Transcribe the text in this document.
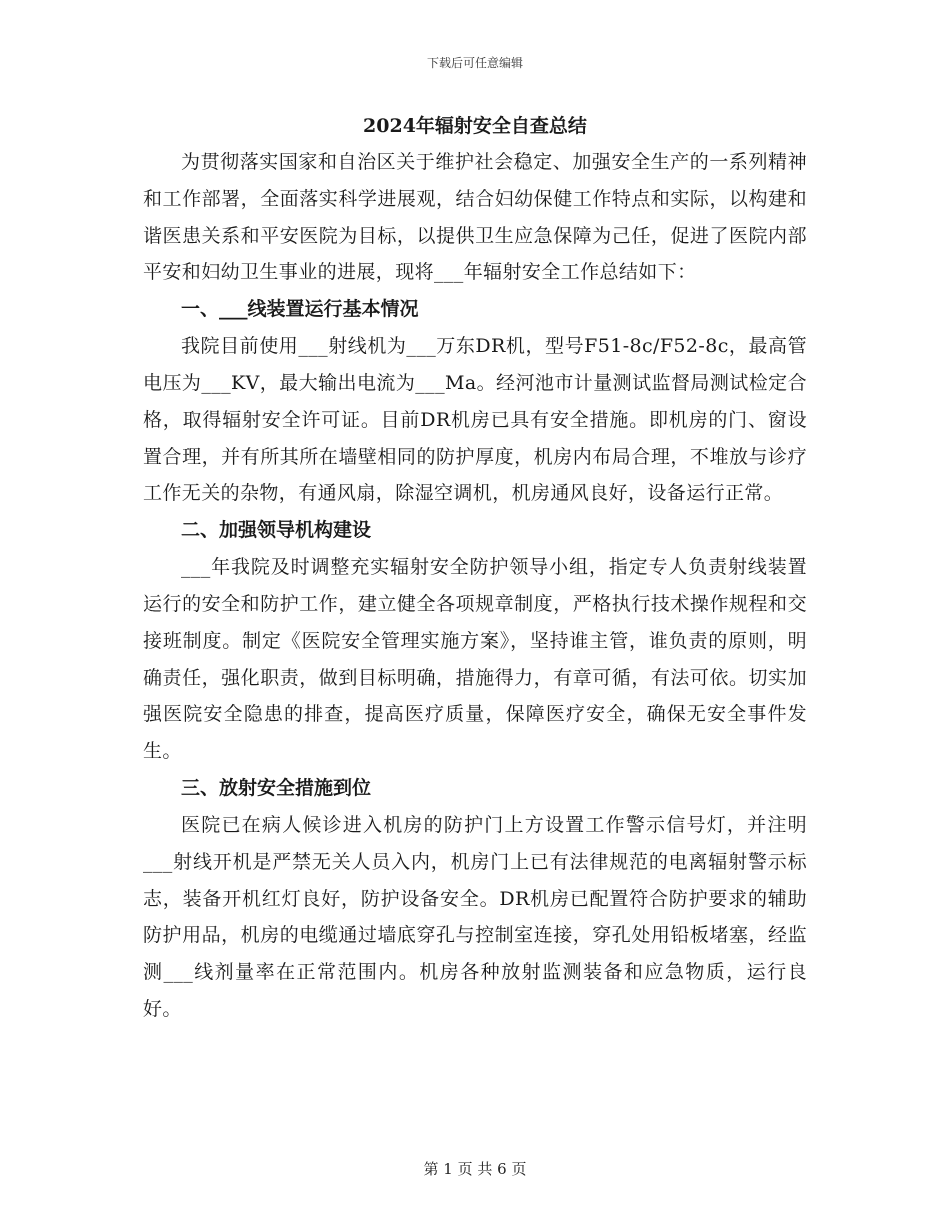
下载后可任意编辑
2024年辐射安全自查总结

为贯彻落实国家和自治区关于维护社会稳定、加强安全生产的一系列精神和工作部署，全面落实科学进展观，结合妇幼保健工作特点和实际，以构建和谐医患关系和平安医院为目标，以提供卫生应急保障为己任，促进了医院内部平安和妇幼卫生事业的进展，现将___年辐射安全工作总结如下：

一、___线装置运行基本情况

我院目前使用___射线机为___万东DR机，型号F51-8c/F52-8c，最高管电压为___KV，最大输出电流为___Ma。经河池市计量测试监督局测试检定合格，取得辐射安全许可证。目前DR机房已具有安全措施。即机房的门、窗设置合理，并有所其所在墙壁相同的防护厚度，机房内布局合理，不堆放与诊疗工作无关的杂物，有通风扇，除湿空调机，机房通风良好，设备运行正常。

二、加强领导机构建设

___年我院及时调整充实辐射安全防护领导小组，指定专人负责射线装置运行的安全和防护工作，建立健全各项规章制度，严格执行技术操作规程和交接班制度。制定《医院安全管理实施方案》，坚持谁主管，谁负责的原则，明确责任，强化职责，做到目标明确，措施得力，有章可循，有法可依。切实加强医院安全隐患的排查，提高医疗质量，保障医疗安全，确保无安全事件发生。

三、放射安全措施到位

医院已在病人候诊进入机房的防护门上方设置工作警示信号灯，并注明___射线开机是严禁无关人员入内，机房门上已有法律规范的电离辐射警示标志，装备开机红灯良好，防护设备安全。DR机房已配置符合防护要求的辅助防护用品，机房的电缆通过墙底穿孔与控制室连接，穿孔处用铅板堵塞，经监测___线剂量率在正常范围内。机房各种放射监测装备和应急物质，运行良好。

第 1 页 共 6 页
